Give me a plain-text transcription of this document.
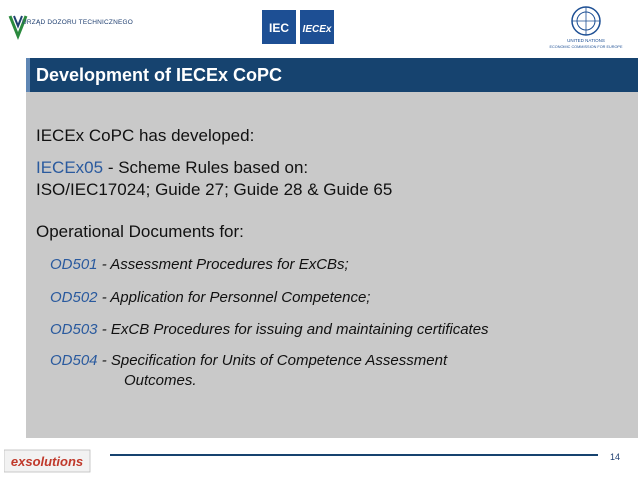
URZĄD DOZORU TECHNICZNEGO	IEC IECEx
UNITED NATIONS
ECONOMIC COMMISSION FOR EUROPE
Development of IECEx CoPC
IECEx CoPC has developed:
IECEx05 - Scheme Rules based on:
ISO/IEC17024; Guide 27; Guide 28 & Guide 65
Operational Documents for:
OD501 - Assessment Procedures for ExCBs;
OD502 - Application for Personnel Competence;
OD503 - ExCB Procedures for issuing and maintaining certificates
OD504 - Specification for Units of Competence Assessment
Outcomes.
exsolutions	14
